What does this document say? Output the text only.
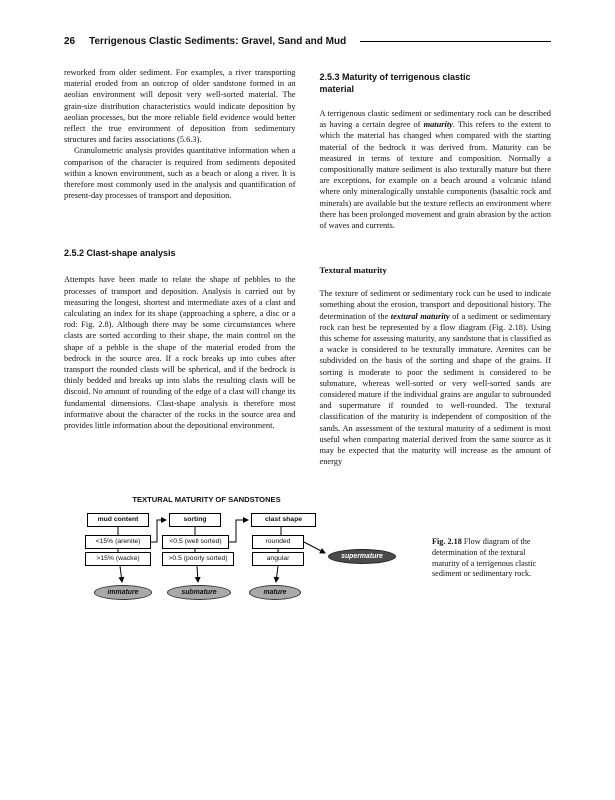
26 Terrigenous Clastic Sediments: Gravel, Sand and Mud

reworked from older sediment. For examples, a river transporting material eroded from an outcrop of older sandstone formed in an aeolian environment will deposit very well-sorted material. The grain-size distribution characteristics would indicate deposition by aeolian processes, but the more reliable field evidence would better reflect the true environment of deposition from sedimentary structures and facies associations (5.6.3).

Granulometric analysis provides quantitative information when a comparison of the character is required from sediments deposited within a known environment, such as a beach or along a river. It is therefore most commonly used in the analysis and quantification of present-day processes of transport and deposition.

2.5.2 Clast-shape analysis

Attempts have been made to relate the shape of pebbles to the processes of transport and deposition. Analysis is carried out by measuring the longest, shortest and intermediate axes of a clast and calculating an index for its shape (approaching a sphere, a disc or a rod: Fig. 2.8). Although there may be some circumstances where clasts are sorted according to their shape, the main control on the shape of a pebble is the shape of the material eroded from the bedrock in the source area. If a rock breaks up into cubes after transport the rounded clasts will be spherical, and if the bedrock is thinly bedded and breaks up into slabs the resulting clasts will be discoid. No amount of rounding of the edge of a clast will change its fundamental dimensions. Clast-shape analysis is therefore most informative about the character of the rocks in the source area and provides little information about the depositional environment.

2.5.3 Maturity of terrigenous clastic material

A terrigenous clastic sediment or sedimentary rock can be described as having a certain degree of maturity. This refers to the extent to which the material has changed when compared with the starting material of the bedrock it was derived from. Maturity can be measured in terms of texture and composition. Normally a compositionally mature sediment is also texturally mature but there are exceptions, for example on a beach around a volcanic island where only mineralogically unstable components (basaltic rock and minerals) are available but the texture reflects an environment where there has been prolonged movement and grain abrasion by the action of waves and currents.

Textural maturity

The texture of sediment or sedimentary rock can be used to indicate something about the erosion, transport and depositional history. The determination of the textural maturity of a sediment or sedimentary rock can best be represented by a flow diagram (Fig. 2.18). Using this scheme for assessing maturity, any sandstone that is classified as a wacke is considered to be texturally immature. Arenites can be subdivided on the basis of the sorting and shape of the grains. If sorting is moderate to poor the sediment is considered to be submature, whereas well-sorted or very well-sorted sands are considered mature if the individual grains are angular to subrounded and supermature if rounded to well-rounded. The textural classification of the maturity is independent of composition of the sands. An assessment of the textural maturity of a sediment is most useful when comparing material derived from the same source as it may be expected that the maturity will increase as the amount of energy

TEXTURAL MATURITY OF SANDSTONES
mud content	sorting	clast shape
<15% (arenite)
>15% (wacke)
<0.5 (well sorted)
>0.5 (poorly sorted)
rounded
angular
immature	submature	mature
supermature
Fig. 2.18 Flow diagram of the determination of the textural maturity of a terrigenous clastic sediment or sedimentary rock.
